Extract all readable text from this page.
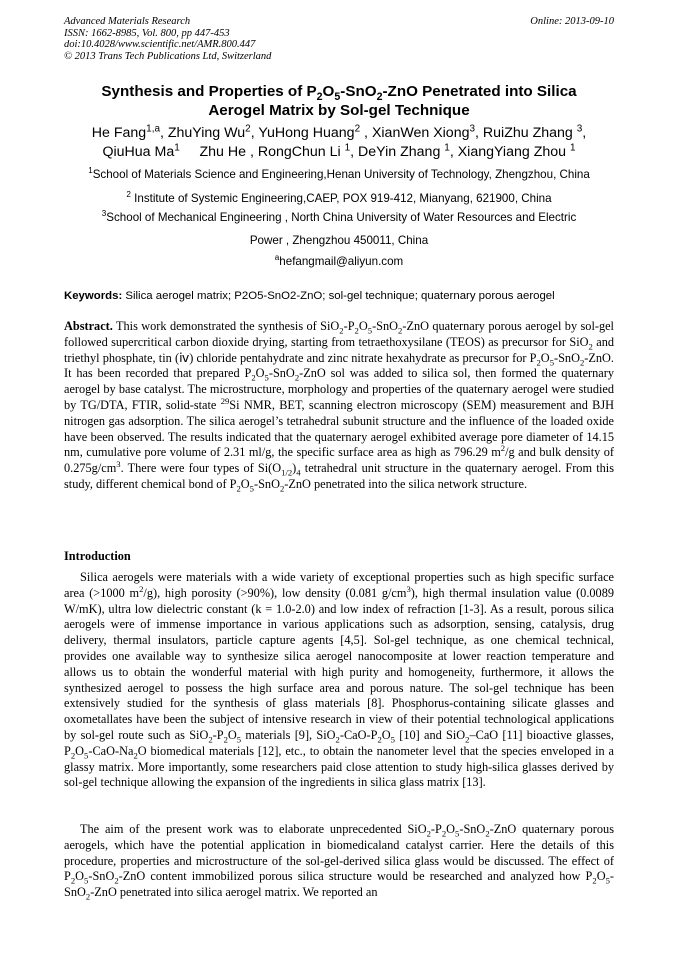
Advanced Materials Research
ISSN: 1662-8985, Vol. 800, pp 447-453
doi:10.4028/www.scientific.net/AMR.800.447
© 2013 Trans Tech Publications Ltd, Switzerland
Online: 2013-09-10
Synthesis and Properties of $P_2O_5-SnO_2$-ZnO Penetrated into Silica
Aerogel Matrix by Sol-gel Technique
He Fang$^{1,a}$, ZhuYing Wu$^2$, YuHong Huang$^2$ , XianWen Xiong$^3$, RuiZhu Zhang $^3$,
QiuHua Ma$^1$ Zhu He , RongChun Li $^1$, DeYin Zhang $^1$, XiangYiang Zhou $^1$
$^1$School of Materials Science and Engineering,Henan University of Technology, Zhengzhou, China
$^2$ Institute of Systemic Engineering,CAEP, POX 919-412, Mianyang, 621900, China
$^3$School of Mechanical Engineering , North China University of Water Resources and Electric
Power , Zhengzhou 450011, China
$^a$hefangmail@aliyun.com
Keywords: Silica aerogel matrix; P2O5-SnO2-ZnO; sol-gel technique; quaternary porous aerogel
Abstract. This work demonstrated the synthesis of $SiO_2-P_2O_5-SnO_2$-ZnO quaternary porous aerogel by sol-gel followed supercritical carbon dioxide drying, starting from tetraethoxysilane (TEOS) as precursor for SiO$_2$ and triethyl phosphate, tin (ⅳ) chloride pentahydrate and zinc nitrate hexahydrate as precursor for $P_2O_5-SnO_2$-ZnO. It has been recorded that prepared $P_2O_5-SnO_2$-ZnO sol was added to silica sol, then formed the quaternary aerogel by base catalyst. The microstructure, morphology and properties of the quaternary aerogel were studied by TG/DTA, FTIR, solid-state $^{29}$Si NMR, BET, scanning electron microscopy (SEM) measurement and BJH nitrogen gas adsorption. The silica aerogel’s tetrahedral subunit structure and the influence of the loaded oxide have been observed. The results indicated that the quaternary aerogel exhibited average pore diameter of 14.15 nm, cumulative pore volume of 2.31 ml/g, the specific surface area as high as 796.29 $m^2/g$ and bulk density of $0.275g/cm^3$. There were four types of $Si(O_{1/2})_4$ tetrahedral unit structure in the quaternary aerogel. From this study, different chemical bond of $P_2O_5-SnO_2$-ZnO penetrated into the silica network structure.
Introduction
Silica aerogels were materials with a wide variety of exceptional properties such as high specific surface area (>1000 $m^2/g$), high porosity (>90%), low density (0.081 $g/cm^3$), high thermal insulation value (0.0089 W/mK), ultra low dielectric constant (k = 1.0-2.0) and low index of refraction [1-3]. As a result, porous silica aerogels were of immense importance in various applications such as adsorption, sensing, catalysis, drug delivery, thermal insulators, particle capture agents [4,5]. Sol-gel technique, as one chemical technical, provides one available way to synthesize silica aerogel nanocomposite at lower reaction temperature and allows us to obtain the wonderful material with high purity and homogeneity, furthermore, it allows the synthesized aerogel to possess the high surface area and porous nature. The sol-gel technique has been extensively studied for the synthesis of glass materials [8]. Phosphorus-containing silicate glasses and oxometallates have been the subject of intensive research in view of their potential technological applications by sol-gel route such as $SiO_2-P_2O_5$ materials [9], $SiO_2-CaO-P_2O_5$ [10] and SiO$_2$–CaO [11] bioactive glasses, $P_2O_5-CaO-Na_2O$ biomedical materials [12], etc., to obtain the nanometer level that the species enveloped in a glassy matrix. More importantly, some researchers paid close attention to study high-silica glasses derived by sol-gel technique allowing the expansion of the ingredients in silica glass matrix [13].
The aim of the present work was to elaborate unprecedented $SiO_2-P_2O_5-SnO_2$-ZnO quaternary porous aerogels, which have the potential application in biomedicaland catalyst carrier. Here the details of this procedure, properties and microstructure of the sol-gel-derived silica glass would be discussed. The effect of $P_2O_5-SnO_2$-ZnO content immobilized porous silica structure would be researched and analyzed how $P_2O_5-SnO_2$-ZnO penetrated into silica aerogel matrix. We reported an
